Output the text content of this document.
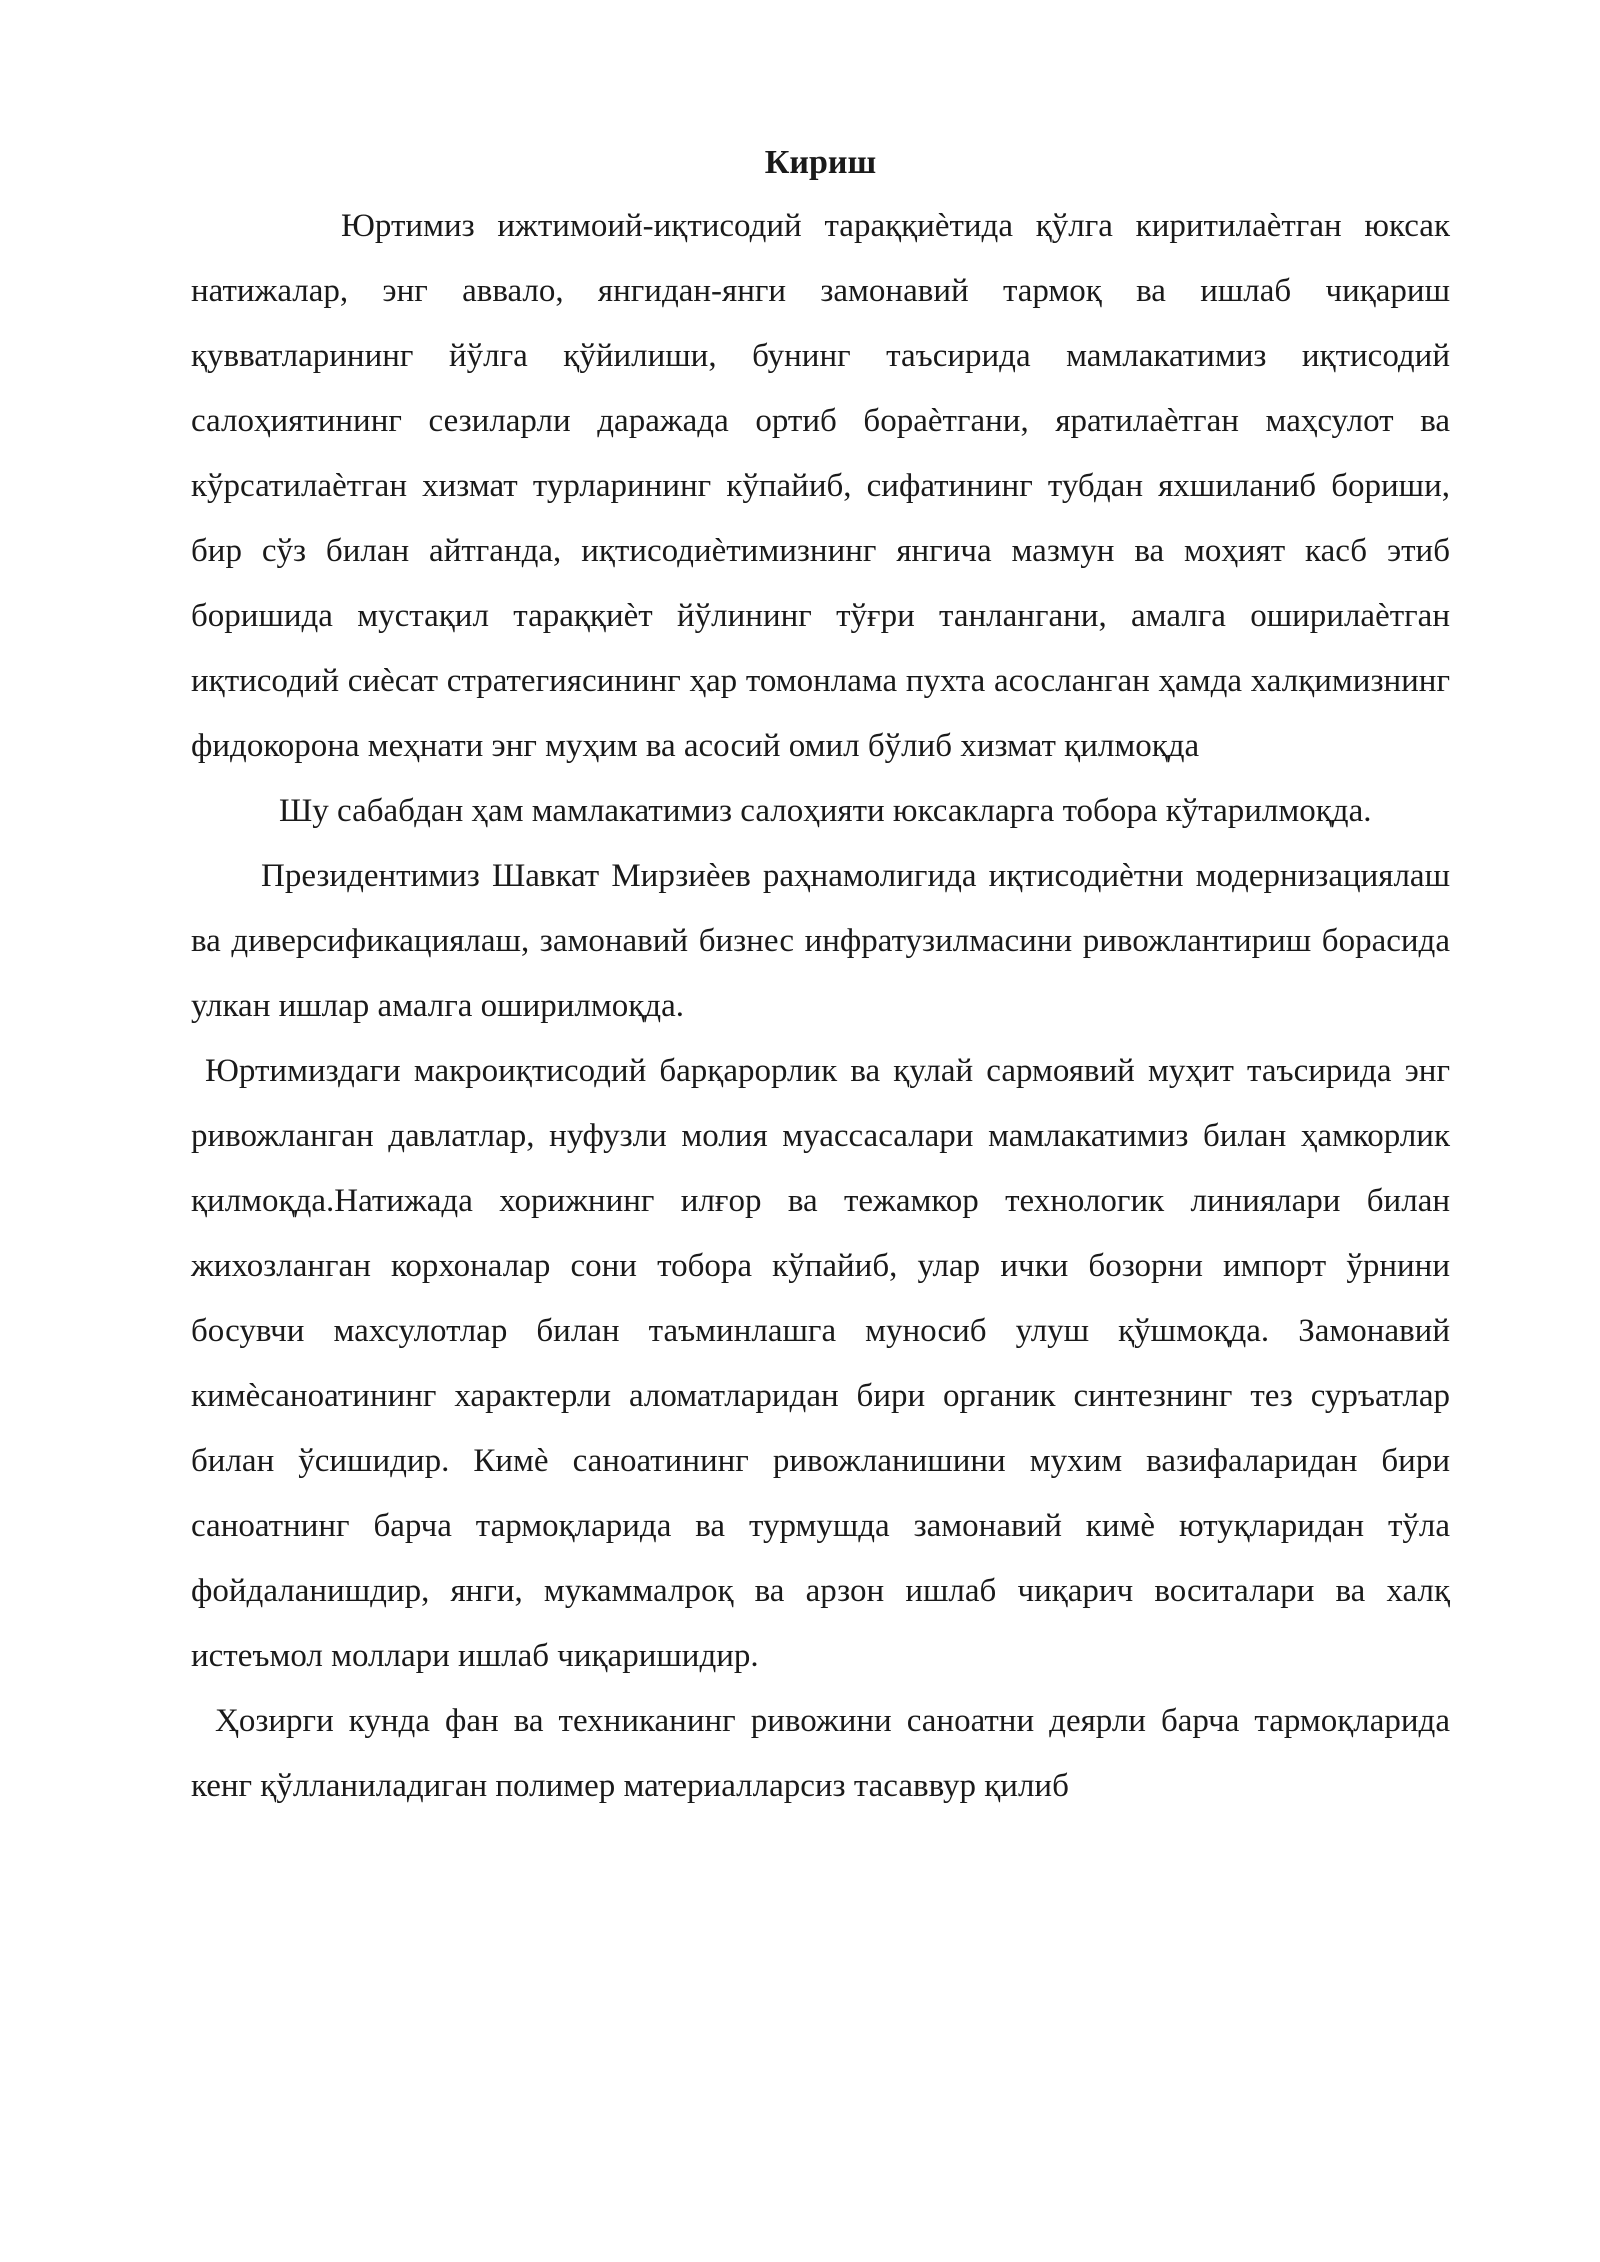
Кириш

Юртимиз ижтимоий-иқтисодий тараққиѐтида қўлга киритилаѐтган юксак натижалар, энг аввало, янгидан-янги замонавий тармоқ ва ишлаб чиқариш қувватларининг йўлга қўйилиши, бунинг таъсирида мамлакатимиз иқтисодий салоҳиятининг сезиларли даражада ортиб бораѐтгани, яратилаѐтган маҳсулот ва кўрсатилаѐтган хизмат турларининг кўпайиб, сифатининг тубдан яхшиланиб бориши, бир сўз билан айтганда, иқтисодиѐтимизнинг янгича мазмун ва моҳият касб этиб боришида мустақил тараққиѐт йўлининг тўғри танлангани, амалга оширилаѐтган иқтисодий сиѐсат стратегиясининг ҳар томонлама пухта асосланган ҳамда халқимизнинг фидокорона меҳнати энг муҳим ва асосий омил бўлиб хизмат қилмоқда

Шу сабабдан ҳам мамлакатимиз салоҳияти юксакларга тобора кўтарилмоқда.

Президентимиз Шавкат Мирзиѐев раҳнамолигида иқтисодиѐтни модернизациялаш ва диверсификациялаш, замонавий бизнес инфратузилмасини ривожлантириш борасида улкан ишлар амалга оширилмоқда.

Юртимиздаги макроиқтисодий барқарорлик ва қулай сармоявий муҳит таъсирида энг ривожланган давлатлар, нуфузли молия муассасалари мамлакатимиз билан ҳамкорлик қилмоқда.Натижада хорижнинг илғор ва тежамкор технологик линиялари билан жихозланган корхоналар сони тобора кўпайиб, улар ички бозорни импорт ўрнини босувчи махсулотлар билан таъминлашга муносиб улуш қўшмоқда. Замонавий кимѐсаноатининг характерли аломатларидан бири органик синтезнинг тез суръатлар билан ўсишидир. Кимѐ саноатининг ривожланишини мухим вазифаларидан бири саноатнинг барча тармоқларида ва турмушда замонавий кимѐ ютуқларидан тўла фойдаланишдир, янги, мукаммалроқ ва арзон ишлаб чиқарич воситалари ва халқ истеъмол моллари ишлаб чиқаришидир.

Ҳозирги кунда фан ва техниканинг ривожини саноатни деярли барча тармоқларида кенг қўлланиладиган полимер материалларсиз тасаввур қилиб
